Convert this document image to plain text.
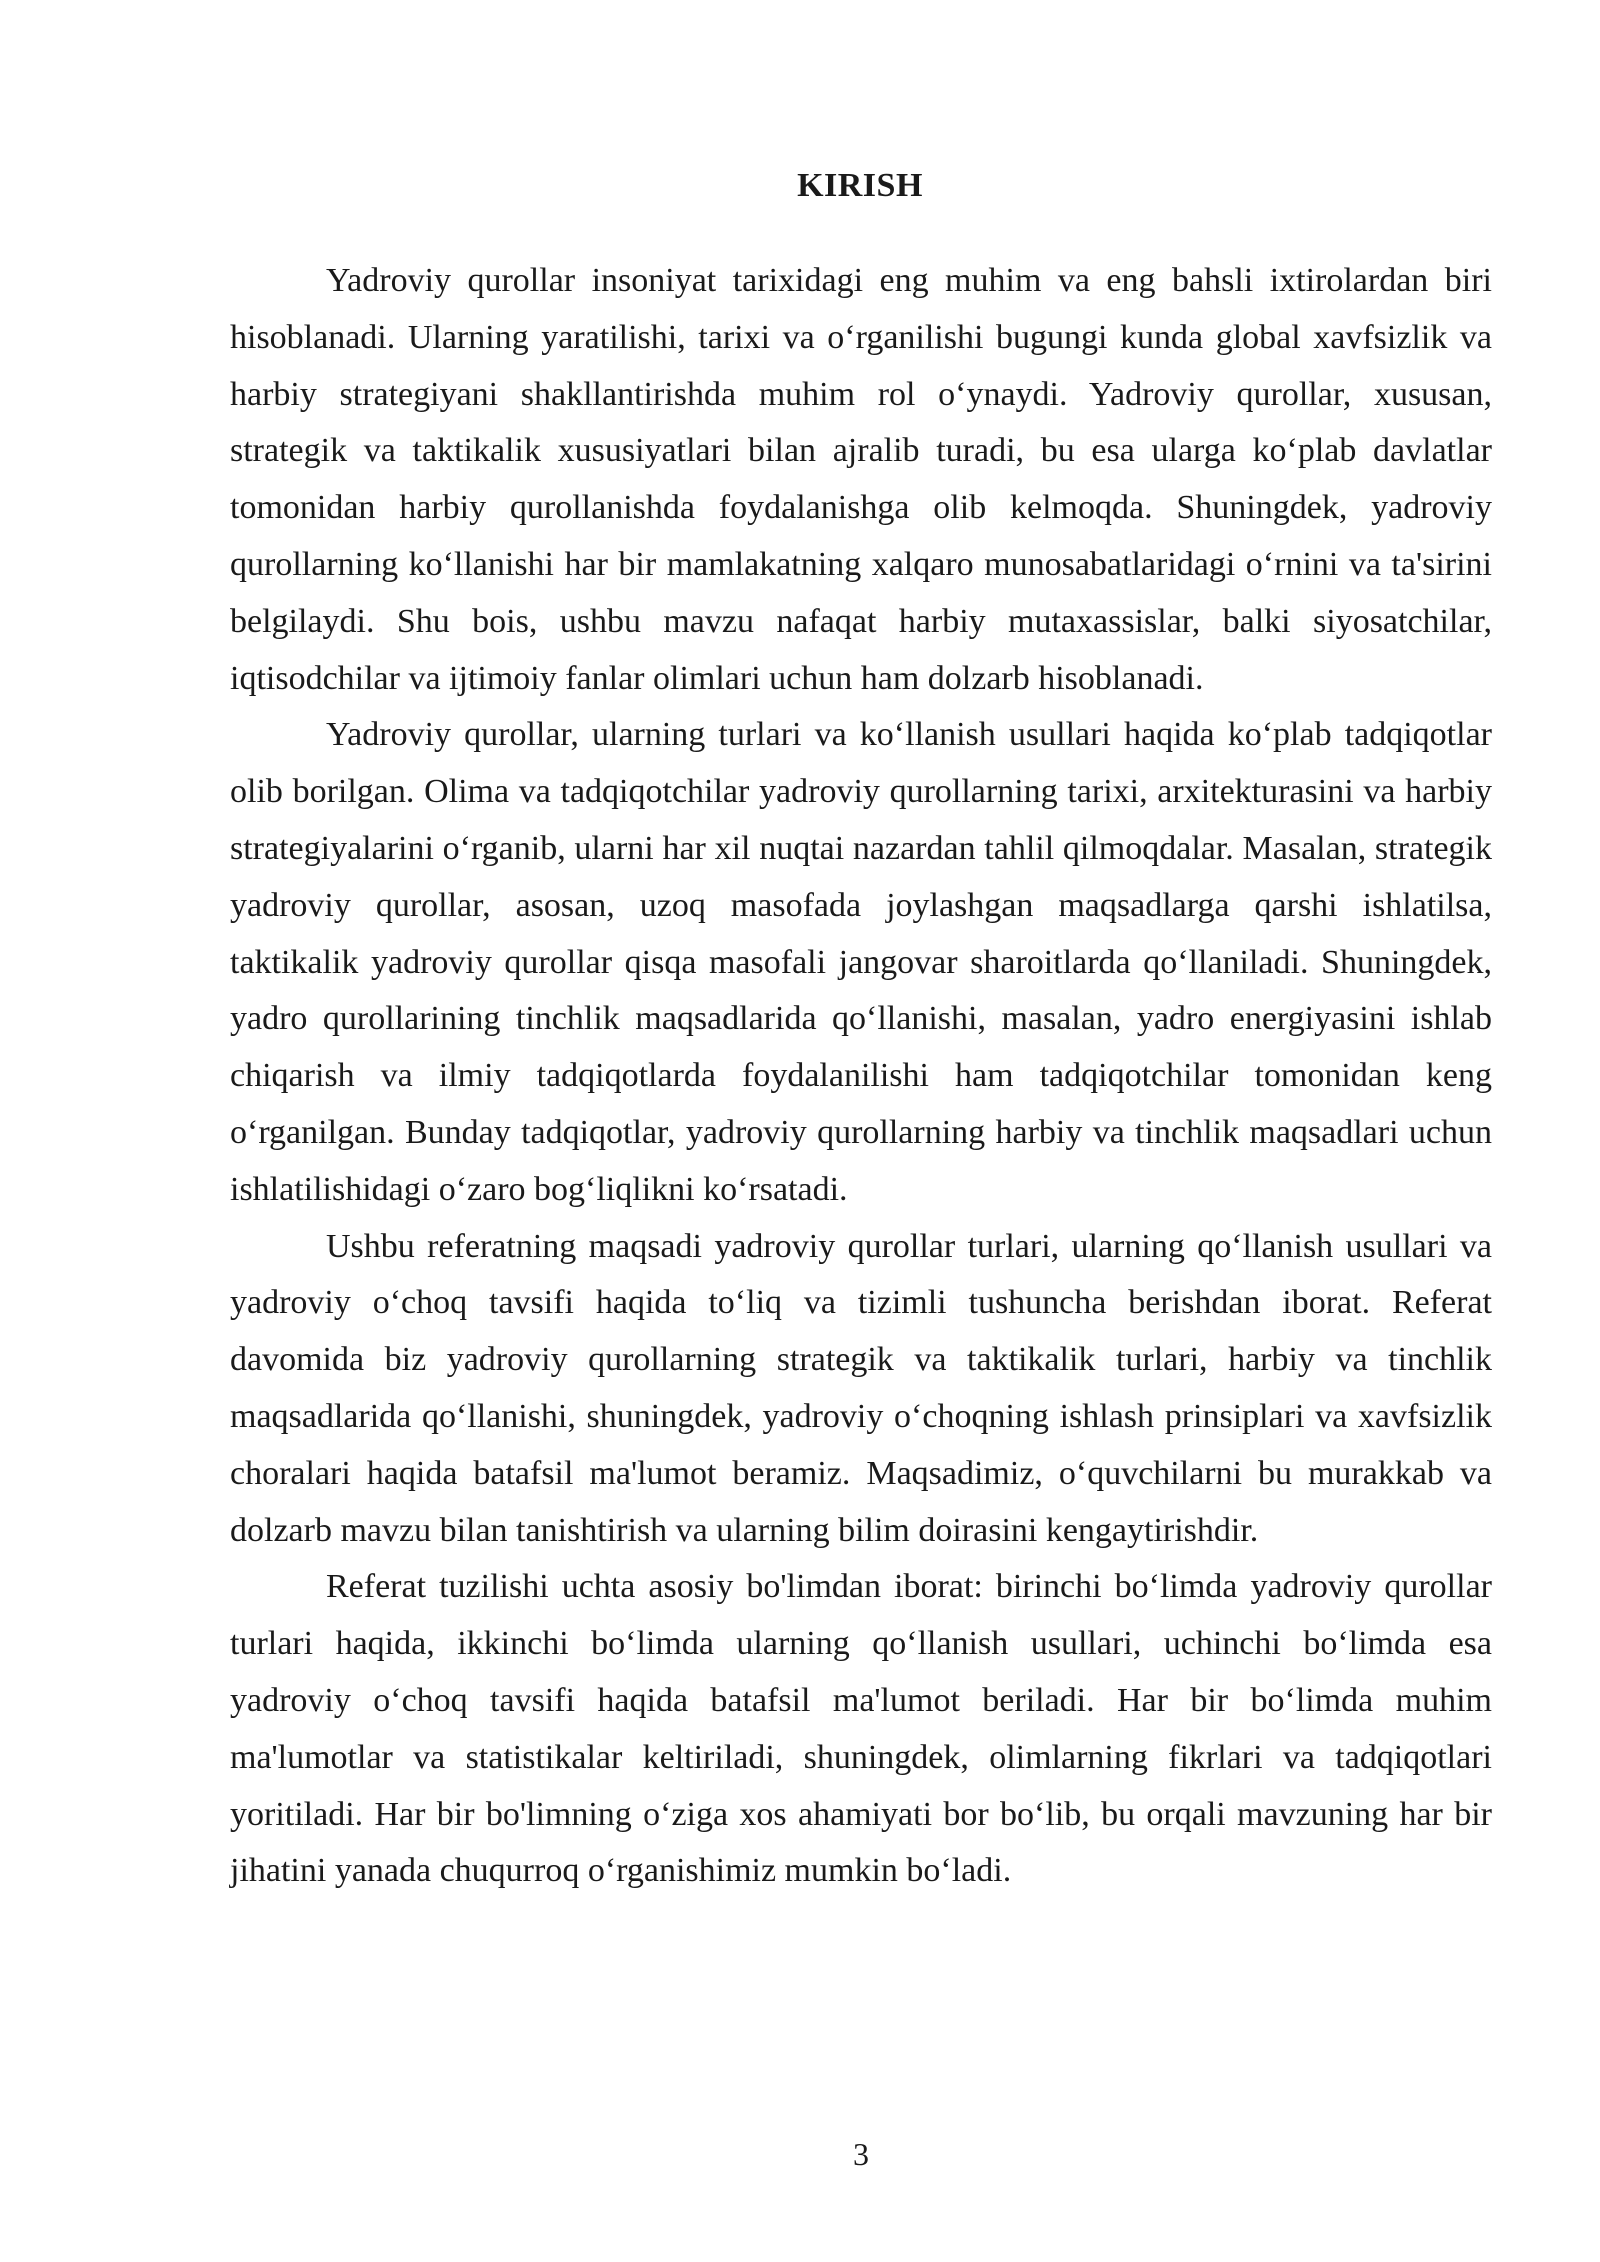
KIRISH

Yadroviy qurollar insoniyat tarixidagi eng muhim va eng bahsli ixtirolardan biri hisoblanadi. Ularning yaratilishi, tarixi va o‘rganilishi bugungi kunda global xavfsizlik va harbiy strategiyani shakllantirishda muhim rol o‘ynaydi. Yadroviy qurollar, xususan, strategik va taktikalik xususiyatlari bilan ajralib turadi, bu esa ularga ko‘plab davlatlar tomonidan harbiy qurollanishda foydalanishga olib kelmoqda. Shuningdek, yadroviy qurollarning ko‘llanishi har bir mamlakatning xalqaro munosabatlaridagi o‘rnini va ta'sirini belgilaydi. Shu bois, ushbu mavzu nafaqat harbiy mutaxassislar, balki siyosatchilar, iqtisodchilar va ijtimoiy fanlar olimlari uchun ham dolzarb hisoblanadi.

Yadroviy qurollar, ularning turlari va ko‘llanish usullari haqida ko‘plab tadqiqotlar olib borilgan. Olima va tadqiqotchilar yadroviy qurollarning tarixi, arxitekturasini va harbiy strategiyalarini o‘rganib, ularni har xil nuqtai nazardan tahlil qilmoqdalar. Masalan, strategik yadroviy qurollar, asosan, uzoq masofada joylashgan maqsadlarga qarshi ishlatilsa, taktikalik yadroviy qurollar qisqa masofali jangovar sharoitlarda qo‘llaniladi. Shuningdek, yadro qurollarining tinchlik maqsadlarida qo‘llanishi, masalan, yadro energiyasini ishlab chiqarish va ilmiy tadqiqotlarda foydalanilishi ham tadqiqotchilar tomonidan keng o‘rganilgan. Bunday tadqiqotlar, yadroviy qurollarning harbiy va tinchlik maqsadlari uchun ishlatilishidagi o‘zaro bog‘liqlikni ko‘rsatadi.

Ushbu referatning maqsadi yadroviy qurollar turlari, ularning qo‘llanish usullari va yadroviy o‘choq tavsifi haqida to‘liq va tizimli tushuncha berishdan iborat. Referat davomida biz yadroviy qurollarning strategik va taktikalik turlari, harbiy va tinchlik maqsadlarida qo‘llanishi, shuningdek, yadroviy o‘choqning ishlash prinsiplari va xavfsizlik choralari haqida batafsil ma'lumot beramiz. Maqsadimiz, o‘quvchilarni bu murakkab va dolzarb mavzu bilan tanishtirish va ularning bilim doirasini kengaytirishdir.

Referat tuzilishi uchta asosiy bo'limdan iborat: birinchi bo‘limda yadroviy qurollar turlari haqida, ikkinchi bo‘limda ularning qo‘llanish usullari, uchinchi bo‘limda esa yadroviy o‘choq tavsifi haqida batafsil ma'lumot beriladi. Har bir bo‘limda muhim ma'lumotlar va statistikalar keltiriladi, shuningdek, olimlarning fikrlari va tadqiqotlari yoritiladi. Har bir bo'limning o‘ziga xos ahamiyati bor bo‘lib, bu orqali mavzuning har bir jihatini yanada chuqurroq o‘rganishimiz mumkin bo‘ladi.

3
